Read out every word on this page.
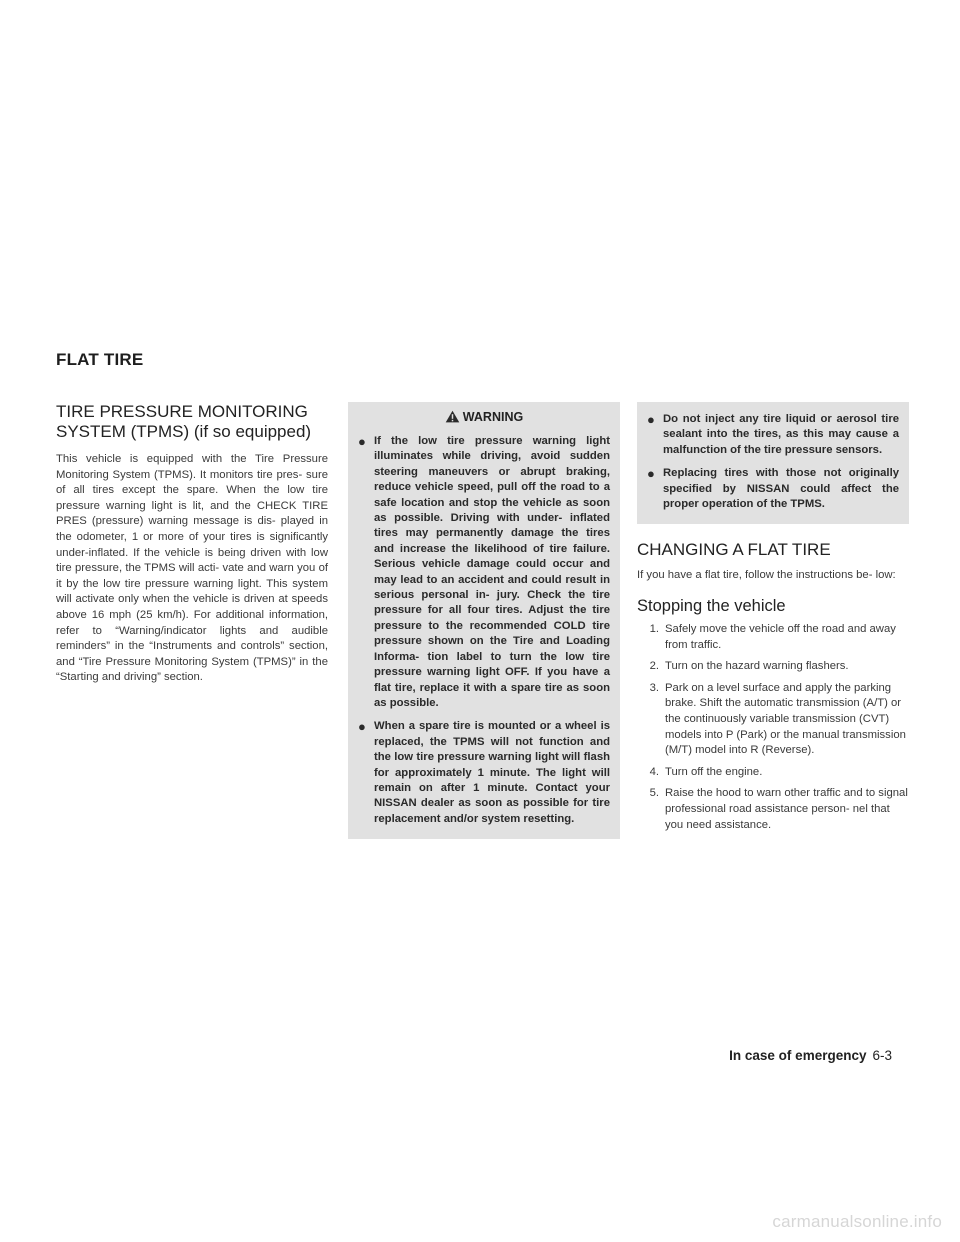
FLAT TIRE
TIRE PRESSURE MONITORING
SYSTEM (TPMS) (if so equipped)

This vehicle is equipped with the Tire Pressure Monitoring System (TPMS). It monitors tire pres- sure of all tires except the spare. When the low tire pressure warning light is lit, and the CHECK TIRE PRES (pressure) warning message is dis- played in the odometer, 1 or more of your tires is significantly under-inflated. If the vehicle is being driven with low tire pressure, the TPMS will acti- vate and warn you of it by the low tire pressure warning light. This system will activate only when the vehicle is driven at speeds above 16 mph (25 km/h). For additional information, refer to “Warning/indicator lights and audible reminders” in the “Instruments and controls” section, and “Tire Pressure Monitoring System (TPMS)” in the “Starting and driving” section.

WARNING
● If the low tire pressure warning light illuminates while driving, avoid sudden steering maneuvers or abrupt braking, reduce vehicle speed, pull off the road to a safe location and stop the vehicle as soon as possible. Driving with under- inflated tires may permanently damage the tires and increase the likelihood of tire failure. Serious vehicle damage could occur and may lead to an accident and could result in serious personal in- jury. Check the tire pressure for all four tires. Adjust the tire pressure to the recommended COLD tire pressure shown on the Tire and Loading Informa- tion label to turn the low tire pressure warning light OFF. If you have a flat tire, replace it with a spare tire as soon as possible.
● When a spare tire is mounted or a wheel is replaced, the TPMS will not function and the low tire pressure warning light will flash for approximately 1 minute. The light will remain on after 1 minute. Contact your NISSAN dealer as soon as possible for tire replacement and/or system resetting.
● Do not inject any tire liquid or aerosol tire sealant into the tires, as this may cause a malfunction of the tire pressure sensors.
● Replacing tires with those not originally specified by NISSAN could affect the proper operation of the TPMS.
CHANGING A FLAT TIRE

If you have a flat tire, follow the instructions be- low:

Stopping the vehicle
1. Safely move the vehicle off the road and away from traffic.
2. Turn on the hazard warning flashers.
3. Park on a level surface and apply the parking brake. Shift the automatic transmission (A/T) or the continuously variable transmission (CVT) models into P (Park) or the manual transmission (M/T) model into R (Reverse).
4. Turn off the engine.
5. Raise the hood to warn other traffic and to signal professional road assistance person- nel that you need assistance.
In case of emergency 6-3
carmanualsonline.info
